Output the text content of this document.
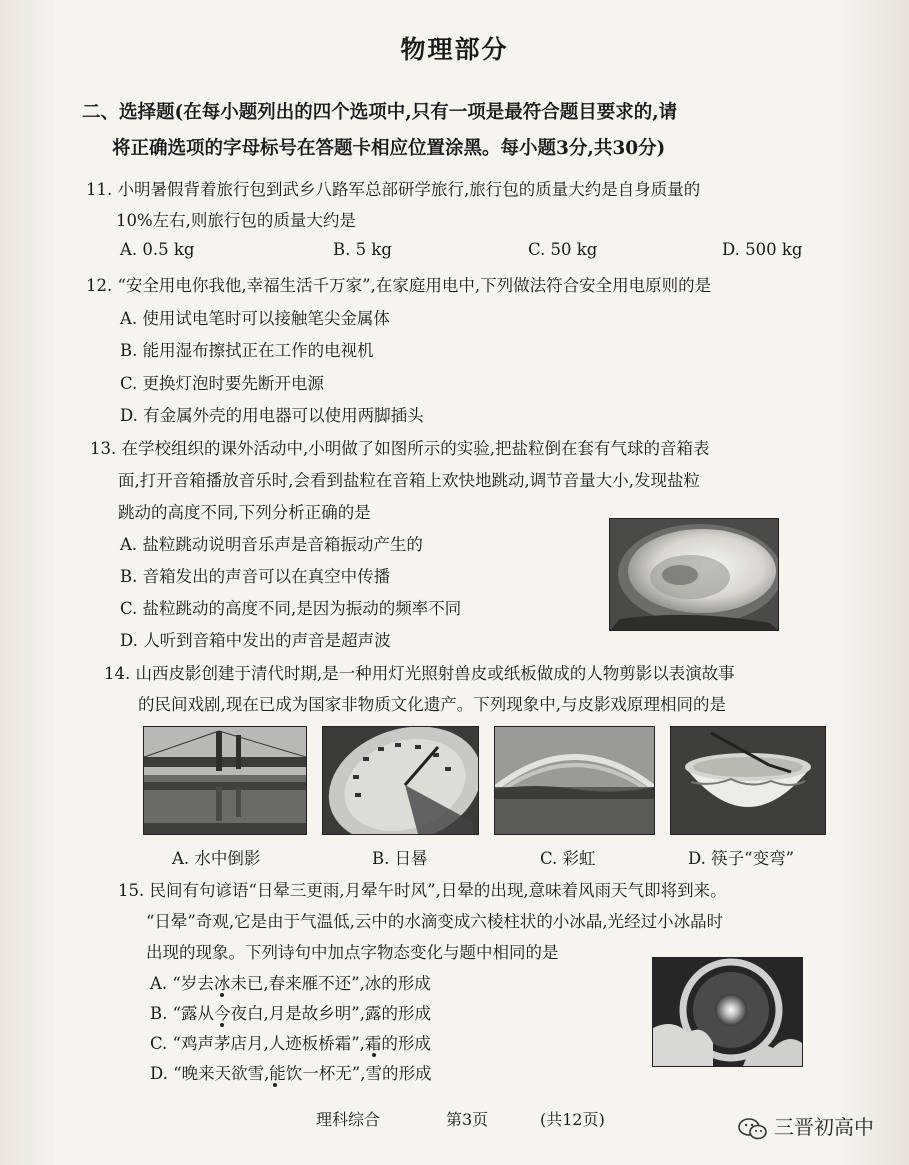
物理部分
二、选择题(在每小题列出的四个选项中,只有一项是最符合题目要求的,请
将正确选项的字母标号在答题卡相应位置涂黑。每小题3分,共30分)
11. 小明暑假背着旅行包到武乡八路军总部研学旅行,旅行包的质量大约是自身质量的
10%左右,则旅行包的质量大约是
A. 0.5 kg	B. 5 kg	C. 50 kg	D. 500 kg
12. “安全用电你我他,幸福生活千万家”,在家庭用电中,下列做法符合安全用电原则的是
A. 使用试电笔时可以接触笔尖金属体
B. 能用湿布擦拭正在工作的电视机
C. 更换灯泡时要先断开电源
D. 有金属外壳的用电器可以使用两脚插头
13. 在学校组织的课外活动中,小明做了如图所示的实验,把盐粒倒在套有气球的音箱表
面,打开音箱播放音乐时,会看到盐粒在音箱上欢快地跳动,调节音量大小,发现盐粒
跳动的高度不同,下列分析正确的是
A. 盐粒跳动说明音乐声是音箱振动产生的
B. 音箱发出的声音可以在真空中传播
C. 盐粒跳动的高度不同,是因为振动的频率不同
D. 人听到音箱中发出的声音是超声波
14. 山西皮影创建于清代时期,是一种用灯光照射兽皮或纸板做成的人物剪影以表演故事
的民间戏剧,现在已成为国家非物质文化遗产。下列现象中,与皮影戏原理相同的是
A. 水中倒影	B. 日晷	C. 彩虹	D. 筷子“变弯”
15. 民间有句谚语“日晕三更雨,月晕午时风”,日晕的出现,意味着风雨天气即将到来。
“日晕”奇观,它是由于气温低,云中的水滴变成六棱柱状的小冰晶,光经过小冰晶时
出现的现象。下列诗句中加点字物态变化与题中相同的是
A. “岁去冰未已,春来雁不还”,冰的形成
B. “露从今夜白,月是故乡明”,露的形成
C. “鸡声茅店月,人迹板桥霜”,霜的形成
D. “晚来天欲雪,能饮一杯无”,雪的形成
理科综合	第3页	(共12页)	三晋初高中
